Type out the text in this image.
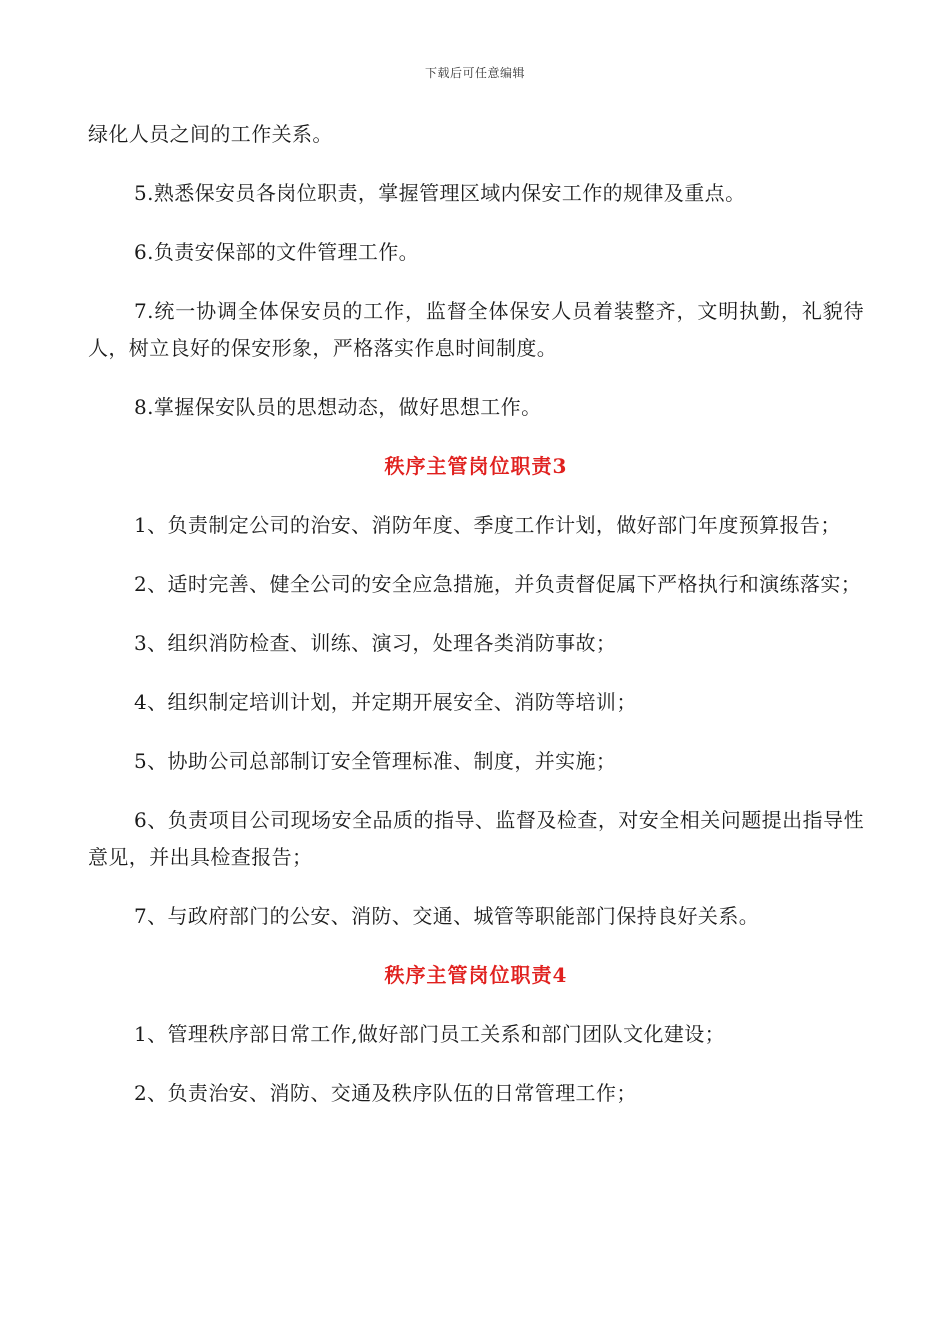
下载后可任意编辑

绿化人员之间的工作关系。

5.熟悉保安员各岗位职责，掌握管理区域内保安工作的规律及重点。

6.负责安保部的文件管理工作。

7.统一协调全体保安员的工作，监督全体保安人员着装整齐，文明执勤，礼貌待人，树立良好的保安形象，严格落实作息时间制度。

8.掌握保安队员的思想动态，做好思想工作。

秩序主管岗位职责3

1、负责制定公司的治安、消防年度、季度工作计划，做好部门年度预算报告；

2、适时完善、健全公司的安全应急措施，并负责督促属下严格执行和演练落实；

3、组织消防检查、训练、演习，处理各类消防事故；

4、组织制定培训计划，并定期开展安全、消防等培训；

5、协助公司总部制订安全管理标准、制度，并实施；

6、负责项目公司现场安全品质的指导、监督及检查，对安全相关问题提出指导性意见，并出具检查报告；

7、与政府部门的公安、消防、交通、城管等职能部门保持良好关系。

秩序主管岗位职责4

1、管理秩序部日常工作,做好部门员工关系和部门团队文化建设；

2、负责治安、消防、交通及秩序队伍的日常管理工作；
